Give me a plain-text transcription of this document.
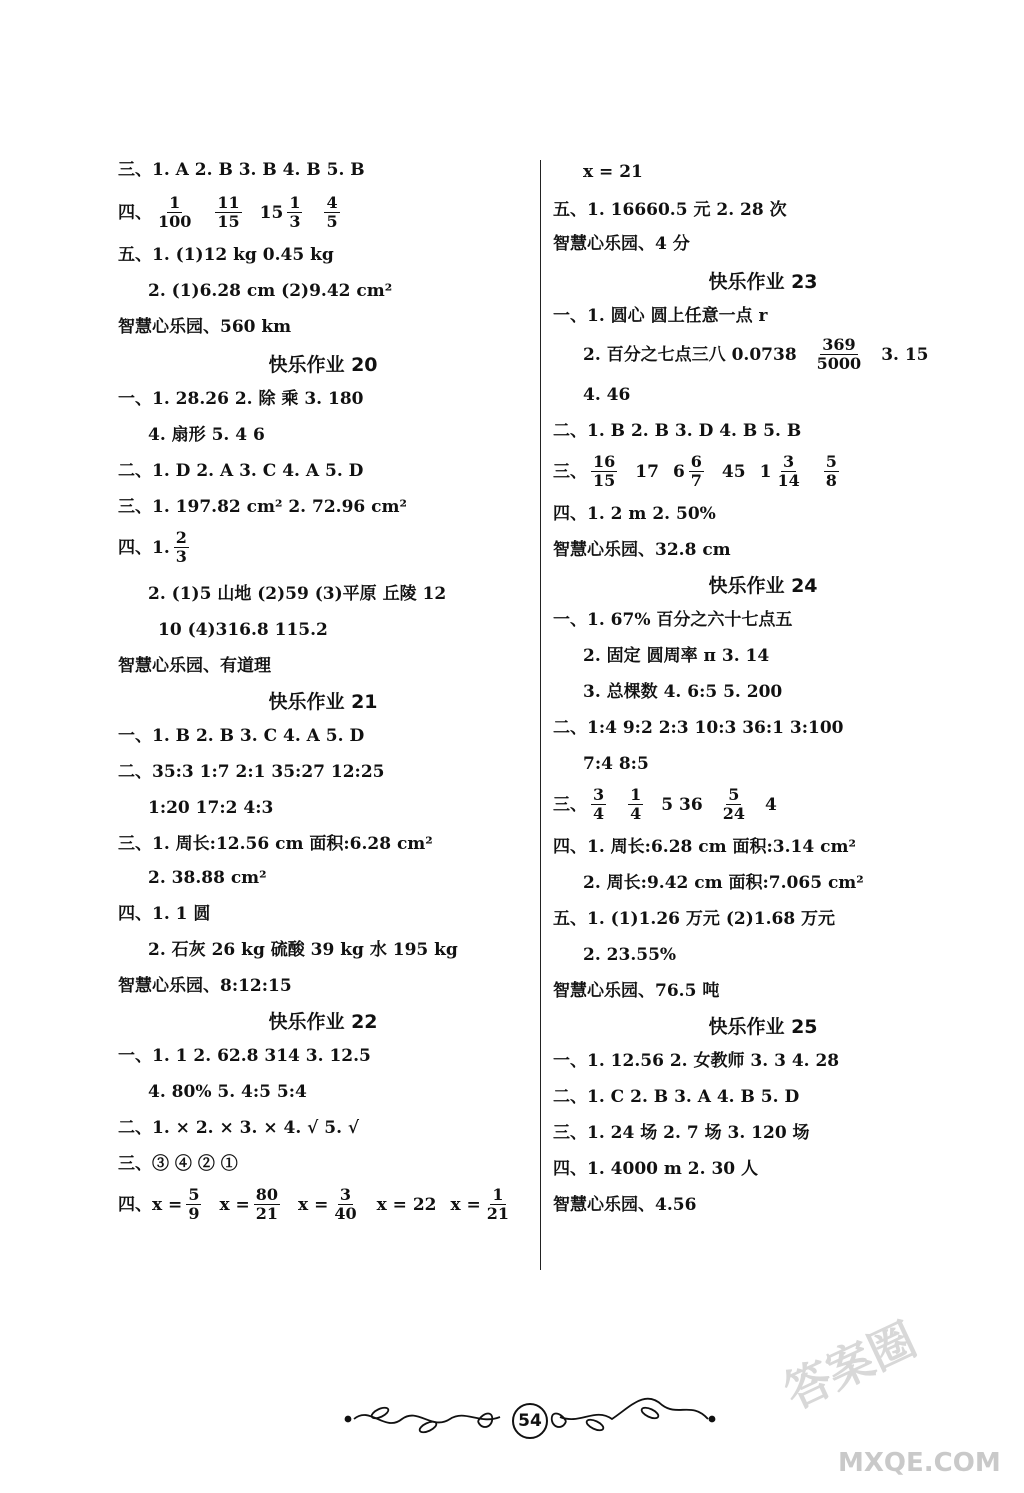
三、1. A 2. B 3. B 4. B 5. B
四、 $\frac{1}{100} \frac{11}{15} 15 \frac{1}{3} \frac{4}{5}$
五、1. (1)12 kg 0.45 kg
2. (1)6.28 cm (2)9.42 cm²
智慧心乐园、560 km
快乐作业 20
一、1. 28.26 2. 除 乘 3. 180
4. 扇形 5. 4 6
二、1. D 2. A 3. C 4. A 5. D
三、1. 197.82 cm² 2. 72.96 cm²
四、1. $\frac{2}{3}$
2. (1)5 山地 (2)59 (3)平原 丘陵 12
10 (4)316.8 115.2
智慧心乐园、有道理
快乐作业 21
一、1. B 2. B 3. C 4. A 5. D
二、35:3 1:7 2:1 35:27 12:25
1:20 17:2 4:3
三、1. 周长:12.56 cm 面积:6.28 cm²
2. 38.88 cm²
四、1. 1 圆
2. 石灰 26 kg 硫酸 39 kg 水 195 kg
智慧心乐园、8:12:15
快乐作业 22
一、1. 1 2. 62.8 314 3. 12.5
4. 80% 5. 4:5 5:4
二、1. × 2. × 3. × 4. √ 5. √
三、③ ④ ② ①
四、$x = \frac{5}{9}$ $x = \frac{80}{21}$ $x = \frac{3}{40}$ x = 22 $x = \frac{1}{21}$
x = 21
五、1. 16660.5 元 2. 28 次
智慧心乐园、4 分
快乐作业 23
一、1. 圆心 圆上任意一点 r
2. 百分之七点三八 $0.0738 \frac{369}{5000} 3$. 15
4. 46
二、1. B 2. B 3. D 4. B 5. B
三、 $\frac{16}{15} 17$ $6 \frac{6}{7} 45$ $1 \frac{3}{14} \frac{5}{8}$
四、1. 2 m 2. 50%
智慧心乐园、32.8 cm
快乐作业 24
一、1. 67% 百分之六十七点五
2. 固定 圆周率 π 3. 14
3. 总棵数 4. 6:5 5. 200
二、1:4 9:2 2:3 10:3 36:1 3:100
7:4 8:5
三、 $\frac{3}{4} \frac{1}{4} 5$ $36 \frac{5}{24} 4$
四、1. 周长:6.28 cm 面积:3.14 cm²
2. 周长:9.42 cm 面积:7.065 cm²
五、1. (1)1.26 万元 (2)1.68 万元
2. 23.55%
智慧心乐园、76.5 吨
快乐作业 25
一、1. 12.56 2. 女教师 3. 3 4. 28
二、1. C 2. B 3. A 4. B 5. D
三、1. 24 场 2. 7 场 3. 120 场
四、1. 4000 m 2. 30 人
智慧心乐园、4.56
54
答案圈
MXQE.COM
